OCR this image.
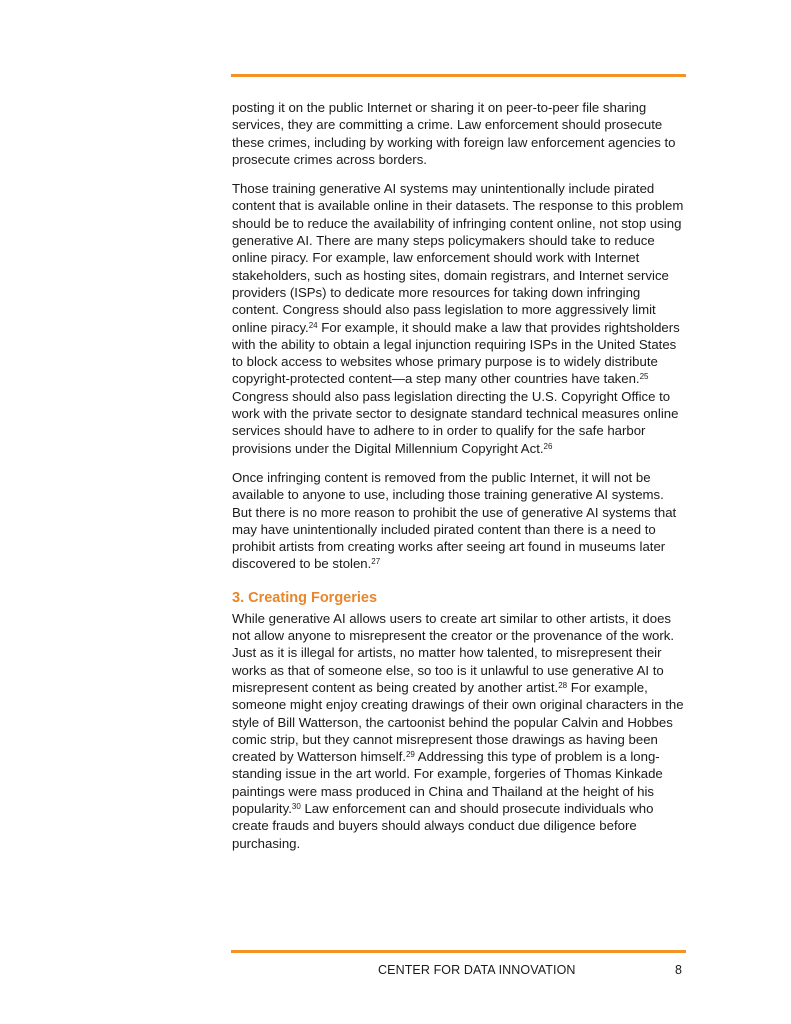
posting it on the public Internet or sharing it on peer-to-peer file sharing services, they are committing a crime. Law enforcement should prosecute these crimes, including by working with foreign law enforcement agencies to prosecute crimes across borders.

Those training generative AI systems may unintentionally include pirated content that is available online in their datasets. The response to this problem should be to reduce the availability of infringing content online, not stop using generative AI. There are many steps policymakers should take to reduce online piracy. For example, law enforcement should work with Internet stakeholders, such as hosting sites, domain registrars, and Internet service providers (ISPs) to dedicate more resources for taking down infringing content. Congress should also pass legislation to more aggressively limit online piracy.$^{24}$ For example, it should make a law that provides rightsholders with the ability to obtain a legal injunction requiring ISPs in the United States to block access to websites whose primary purpose is to widely distribute copyright-protected content—a step many other countries have taken.$^{25}$ Congress should also pass legislation directing the U.S. Copyright Office to work with the private sector to designate standard technical measures online services should have to adhere to in order to qualify for the safe harbor provisions under the Digital Millennium Copyright Act.$^{26}$

Once infringing content is removed from the public Internet, it will not be available to anyone to use, including those training generative AI systems. But there is no more reason to prohibit the use of generative AI systems that may have unintentionally included pirated content than there is a need to prohibit artists from creating works after seeing art found in museums later discovered to be stolen.$^{27}$

3. Creating Forgeries

While generative AI allows users to create art similar to other artists, it does not allow anyone to misrepresent the creator or the provenance of the work. Just as it is illegal for artists, no matter how talented, to misrepresent their works as that of someone else, so too is it unlawful to use generative AI to misrepresent content as being created by another artist.$^{28}$ For example, someone might enjoy creating drawings of their own original characters in the style of Bill Watterson, the cartoonist behind the popular Calvin and Hobbes comic strip, but they cannot misrepresent those drawings as having been created by Watterson himself.$^{29}$ Addressing this type of problem is a long-standing issue in the art world. For example, forgeries of Thomas Kinkade paintings were mass produced in China and Thailand at the height of his popularity.$^{30}$ Law enforcement can and should prosecute individuals who create frauds and buyers should always conduct due diligence before purchasing.

CENTER FOR DATA INNOVATION	8
